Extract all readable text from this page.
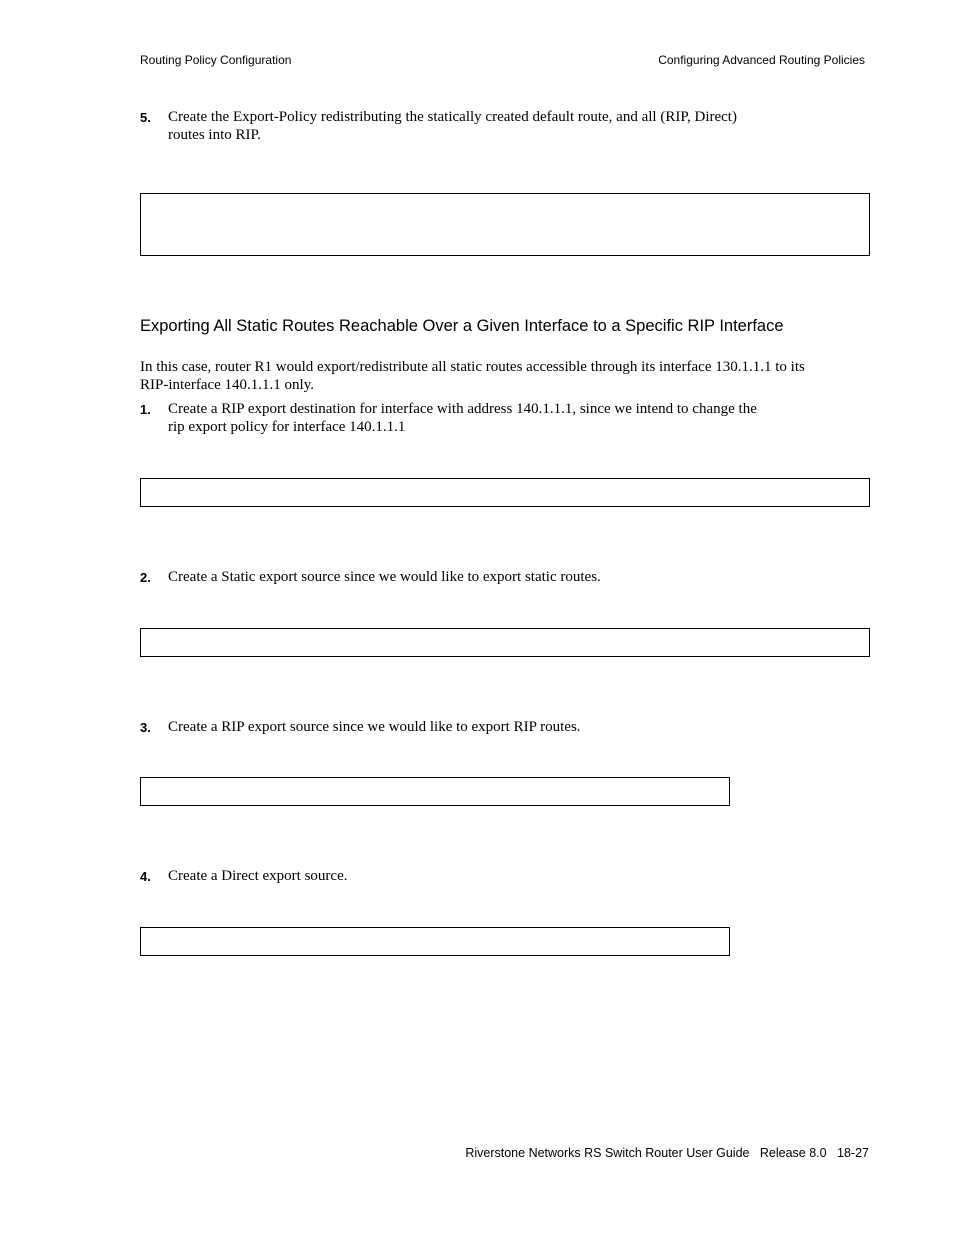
Routing Policy Configuration	Configuring Advanced Routing Policies
5. Create the Export-Policy redistributing the statically created default route, and all (RIP, Direct)
routes into RIP.
Exporting All Static Routes Reachable Over a Given Interface to a Specific RIP Interface
In this case, router R1 would export/redistribute all static routes accessible through its interface 130.1.1.1 to its
RIP-interface 140.1.1.1 only.
1. Create a RIP export destination for interface with address 140.1.1.1, since we intend to change the
rip export policy for interface 140.1.1.1
2. Create a Static export source since we would like to export static routes.
3. Create a RIP export source since we would like to export RIP routes.
4. Create a Direct export source.
Riverstone Networks RS Switch Router User Guide   Release 8.0   18-27
